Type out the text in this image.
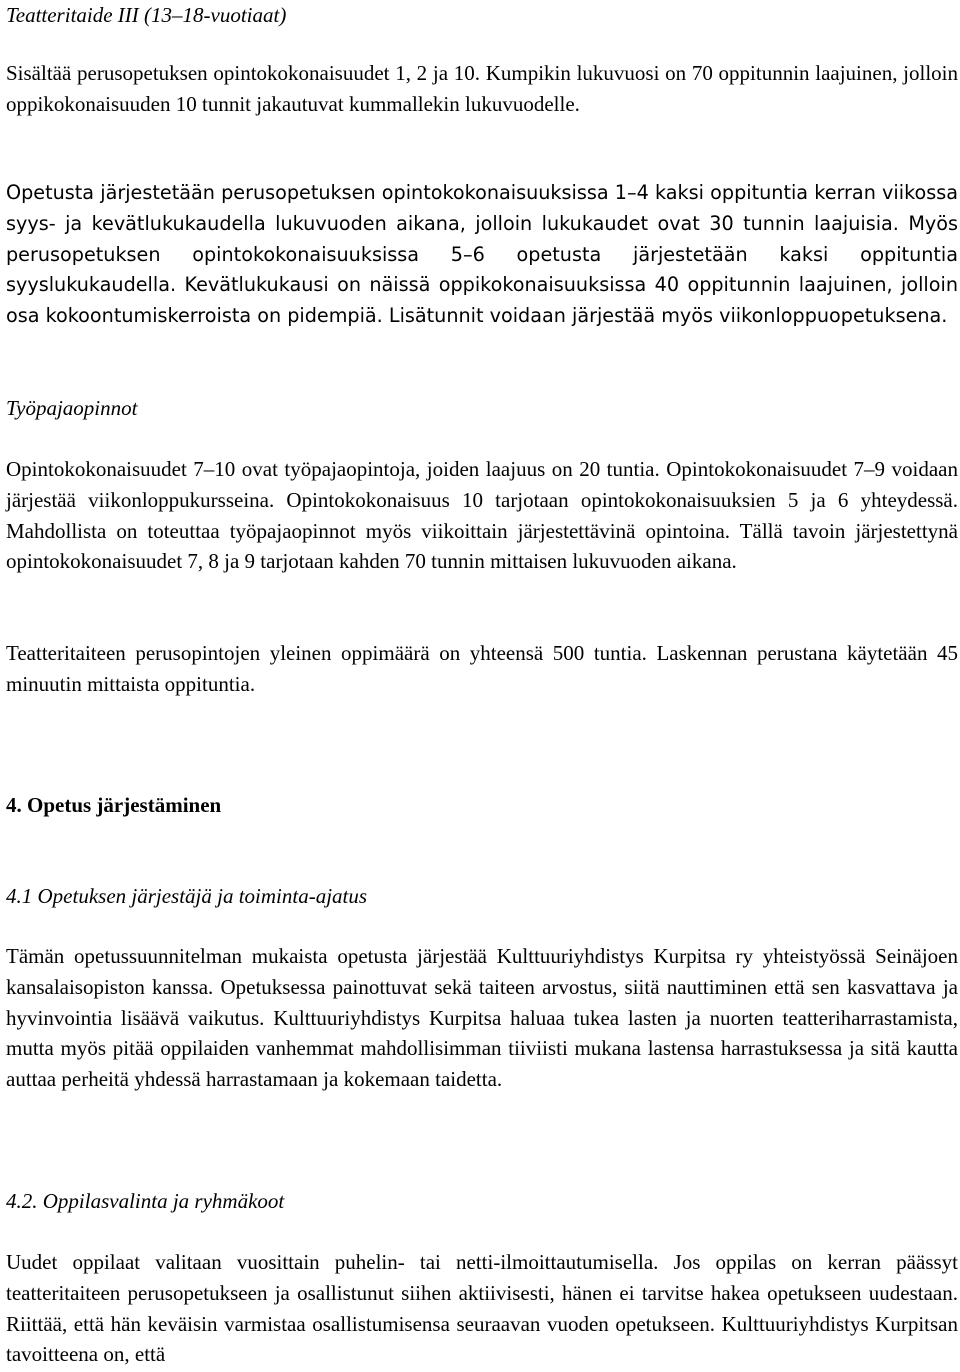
Teatteritaide III (13–18-vuotiaat)

Sisältää perusopetuksen opintokokonaisuudet 1, 2 ja 10. Kumpikin lukuvuosi on 70 oppitunnin laajuinen, jolloin oppikokonaisuuden 10 tunnit jakautuvat kummallekin lukuvuodelle.

Opetusta järjestetään perusopetuksen opintokokonaisuuksissa 1–4 kaksi oppituntia kerran viikossa syys- ja kevätlukukaudella lukuvuoden aikana, jolloin lukukaudet ovat 30 tunnin laajuisia. Myös perusopetuksen opintokokonaisuuksissa 5–6 opetusta järjestetään kaksi oppituntia syyslukukaudella. Kevätlukukausi on näissä oppikokonaisuuksissa 40 oppitunnin laajuinen, jolloin osa kokoontumiskerroista on pidempiä. Lisätunnit voidaan järjestää myös viikonloppuopetuksena.

Työpajaopinnot

Opintokokonaisuudet 7–10 ovat työpajaopintoja, joiden laajuus on 20 tuntia. Opintokokonaisuudet 7–9 voidaan järjestää viikonloppukursseina. Opintokokonaisuus 10 tarjotaan opintokokonaisuuksien 5 ja 6 yhteydessä. Mahdollista on toteuttaa työpajaopinnot myös viikoittain järjestettävinä opintoina. Tällä tavoin järjestettynä opintokokonaisuudet 7, 8 ja 9 tarjotaan kahden 70 tunnin mittaisen lukuvuoden aikana.

Teatteritaiteen perusopintojen yleinen oppimäärä on yhteensä 500 tuntia. Laskennan perustana käytetään 45 minuutin mittaista oppituntia.

4. Opetus järjestäminen

4.1 Opetuksen järjestäjä ja toiminta-ajatus

Tämän opetussuunnitelman mukaista opetusta järjestää Kulttuuriyhdistys Kurpitsa ry yhteistyössä Seinäjoen kansalaisopiston kanssa. Opetuksessa painottuvat sekä taiteen arvostus, siitä nauttiminen että sen kasvattava ja hyvinvointia lisäävä vaikutus. Kulttuuriyhdistys Kurpitsa haluaa tukea lasten ja nuorten teatteriharrastamista, mutta myös pitää oppilaiden vanhemmat mahdollisimman tiiviisti mukana lastensa harrastuksessa ja sitä kautta auttaa perheitä yhdessä harrastamaan ja kokemaan taidetta.

4.2. Oppilasvalinta ja ryhmäkoot

Uudet oppilaat valitaan vuosittain puhelin- tai netti-ilmoittautumisella. Jos oppilas on kerran päässyt teatteritaiteen perusopetukseen ja osallistunut siihen aktiivisesti, hänen ei tarvitse hakea opetukseen uudestaan. Riittää, että hän keväisin varmistaa osallistumisensa seuraavan vuoden opetukseen. Kulttuuriyhdistys Kurpitsan tavoitteena on, että
